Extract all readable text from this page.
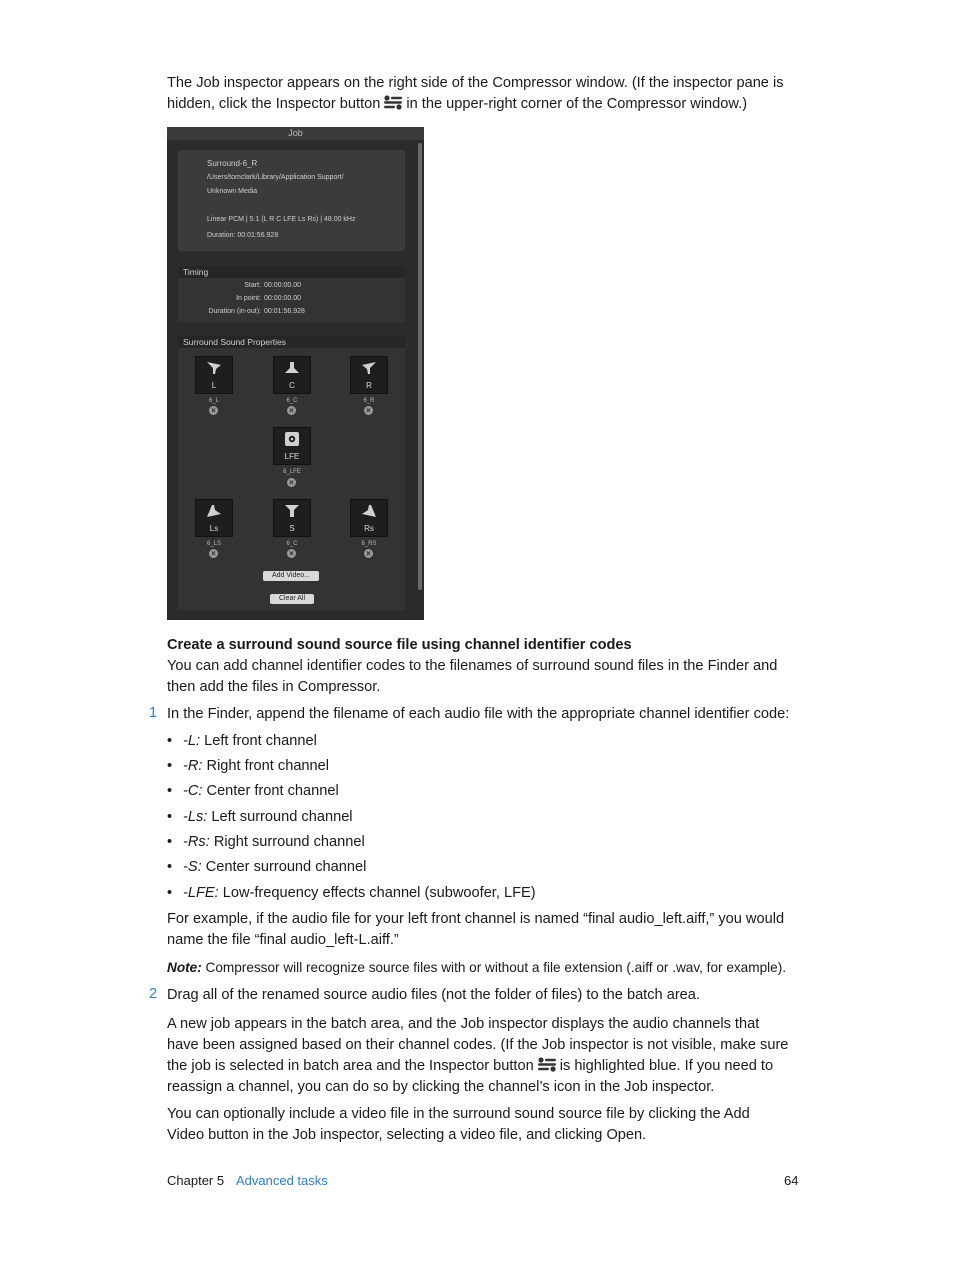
The Job inspector appears on the right side of the Compressor window. (If the inspector pane is
hidden, click the Inspector button in the upper-right corner of the Compressor window.)
Job
Surround-6_R
/Users/tomclark/Library/Application Support/
Unknown Media
Linear PCM | 5.1 (L R C LFE Ls Rs) | 48.00 kHz
Duration: 00:01:56.928
Timing
Start: 00:00:00.00
In point: 00:00:00.00
Duration (in-out): 00:01:56.928
Surround Sound Properties
L
6_L
×
C
6_C
×
R
6_R
×
LFE
6_LFE
×
Ls
6_LS
×
S
6_C
×
Rs
6_RS
×
Add Video...
Clear All
Create a surround sound source file using channel identifier codes
You can add channel identifier codes to the filenames of surround sound files in the Finder and
then add the files in Compressor.
1 In the Finder, append the filename of each audio file with the appropriate channel identifier code:
• -L: Left front channel
• -R: Right front channel
• -C: Center front channel
• -Ls: Left surround channel
• -Rs: Right surround channel
• -S: Center surround channel
• -LFE: Low-frequency effects channel (subwoofer, LFE)
For example, if the audio file for your left front channel is named “final audio_left.aiff,” you would
name the file “final audio_left-L.aiff.”
Note: Compressor will recognize source files with or without a file extension (.aiff or .wav, for example).
2 Drag all of the renamed source audio files (not the folder of files) to the batch area.
A new job appears in the batch area, and the Job inspector displays the audio channels that
have been assigned based on their channel codes. (If the Job inspector is not visible, make sure
the job is selected in batch area and the Inspector button is highlighted blue. If you need to
reassign a channel, you can do so by clicking the channel’s icon in the Job inspector.
You can optionally include a video file in the surround sound source file by clicking the Add
Video button in the Job inspector, selecting a video file, and clicking Open.
Chapter 5 Advanced tasks	64
